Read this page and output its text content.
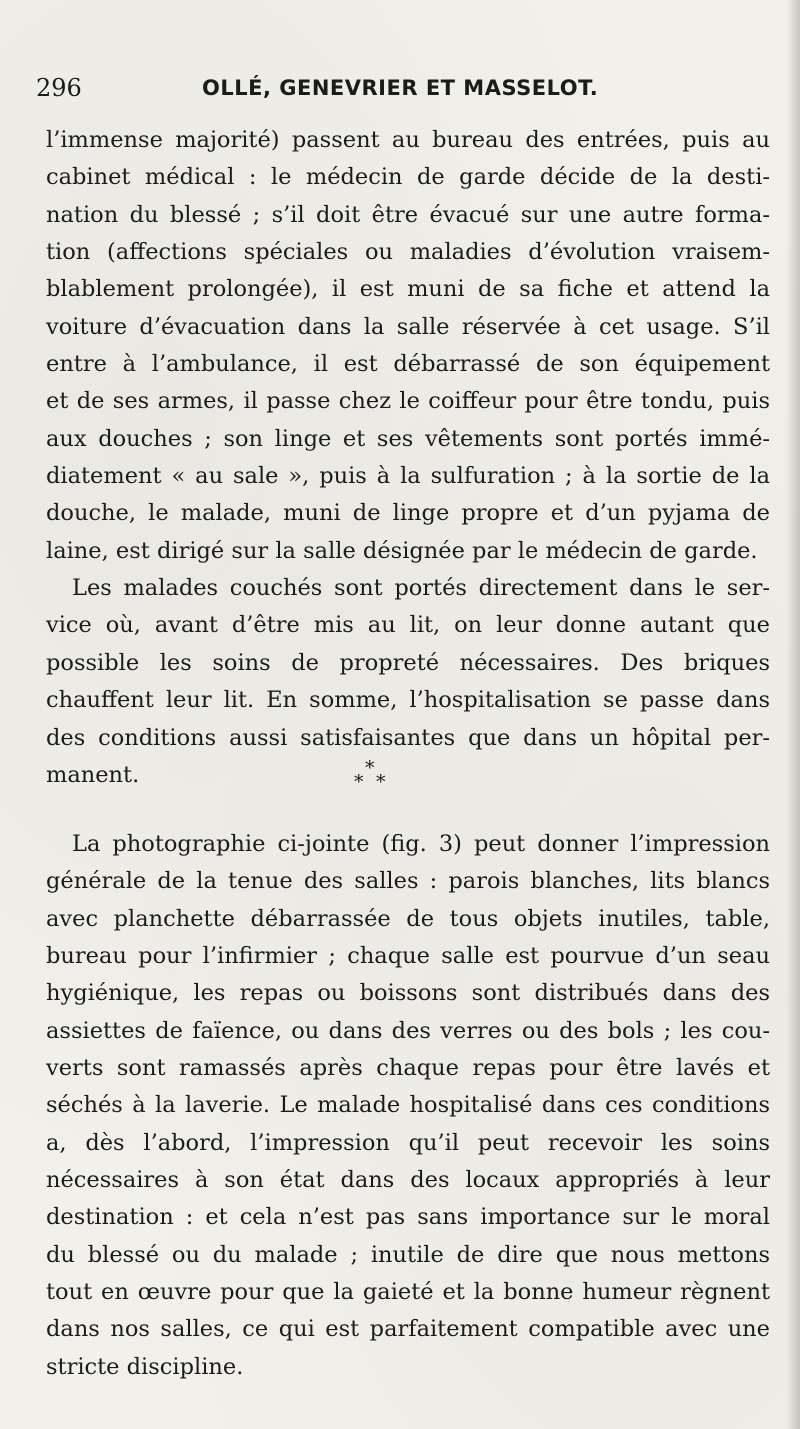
296	OLLÉ, GENEVRIER ET MASSELOT.
l’immense majorité) passent au bureau des entrées, puis au
cabinet médical : le médecin de garde décide de la desti-
nation du blessé ; s’il doit être évacué sur une autre forma-
tion (affections spéciales ou maladies d’évolution vraisem-
blablement prolongée), il est muni de sa fiche et attend la
voiture d’évacuation dans la salle réservée à cet usage. S’il
entre à l’ambulance, il est débarrassé de son équipement
et de ses armes, il passe chez le coiffeur pour être tondu, puis
aux douches ; son linge et ses vêtements sont portés immé-
diatement « au sale », puis à la sulfuration ; à la sortie de la
douche, le malade, muni de linge propre et d’un pyjama de
laine, est dirigé sur la salle désignée par le médecin de garde.
Les malades couchés sont portés directement dans le ser-
vice où, avant d’être mis au lit, on leur donne autant que
possible les soins de propreté nécessaires. Des briques
chauffent leur lit. En somme, l’hospitalisation se passe dans
des conditions aussi satisfaisantes que dans un hôpital per-
manent.	*
* *
La photographie ci-jointe (fig. 3) peut donner l’impression
générale de la tenue des salles : parois blanches, lits blancs
avec planchette débarrassée de tous objets inutiles, table,
bureau pour l’infirmier ; chaque salle est pourvue d’un seau
hygiénique, les repas ou boissons sont distribués dans des
assiettes de faïence, ou dans des verres ou des bols ; les cou-
verts sont ramassés après chaque repas pour être lavés et
séchés à la laverie. Le malade hospitalisé dans ces conditions
a, dès l’abord, l’impression qu’il peut recevoir les soins
nécessaires à son état dans des locaux appropriés à leur
destination : et cela n’est pas sans importance sur le moral
du blessé ou du malade ; inutile de dire que nous mettons
tout en œuvre pour que la gaieté et la bonne humeur règnent
dans nos salles, ce qui est parfaitement compatible avec une
stricte discipline.
